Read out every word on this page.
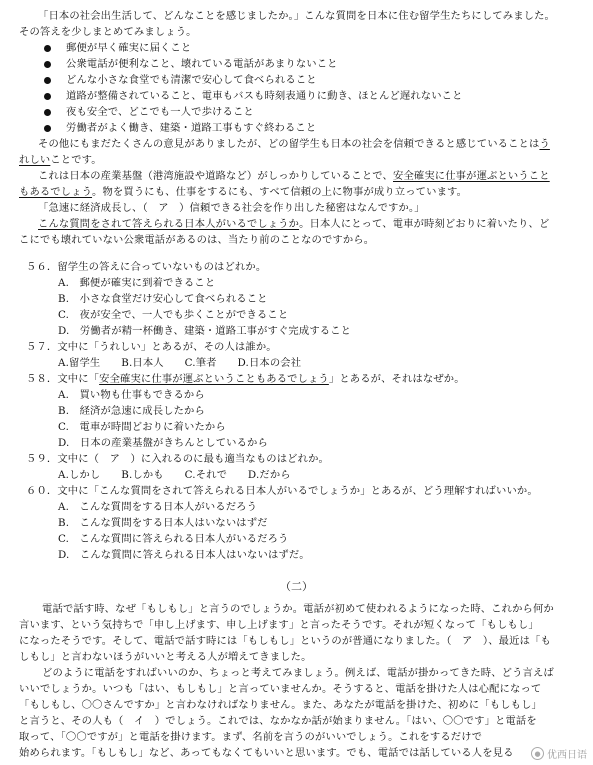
「日本の社会出生活して、どんなことを感じましたか。」こんな質問を日本に住む留学生たちにしてみました。
その答えを少しまとめてみましょう。
郵便が早く確実に届くこと
公衆電話が便利なこと、壊れている電話があまりないこと
どんな小さな食堂でも清潔で安心して食べられること
道路が整備されていること、電車もバスも時刻表通りに動き、ほとんど遅れないこと
夜も安全で、どこでも一人で歩けること
労働者がよく働き、建築・道路工事もすぐ終わること
その他にもまだたくさんの意見がありましたが、どの留学生も日本の社会を信頼できると感じていることはう
れしいことです。
これは日本の産業基盤（港湾施設や道路など）がしっかりしていることで、安全確実に仕事が運ぶということ
もあるでしょう。物を買うにも、仕事をするにも、すべて信頼の上に物事が成り立っています。
「急速に経済成長し、（　ア　）信頼できる社会を作り出した秘密はなんですか。」
こんな質問をされて答えられる日本人がいるでしょうか。日本人にとって、電車が時刻どおりに着いたり、ど
こにでも壊れていない公衆電話があるのは、当たり前のことなのですから。
５６．留学生の答えに合っていないものはどれか。
A.　郵便が確実に到着できること
B.　小さな食堂だけ安心して食べられること
C.　夜が安全で、一人でも歩くことができること
D.　労働者が精一杯働き、建築・道路工事がすぐ完成すること
５７．文中に「うれしい」とあるが、その人は誰か。
A.留学生　　B.日本人　　C.筆者　　D.日本の会社
５８．文中に「安全確実に仕事が運ぶということもあるでしょう」とあるが、それはなぜか。
A.　買い物も仕事もできるから
B.　経済が急速に成長したから
C.　電車が時間どおりに着いたから
D.　日本の産業基盤がきちんとしているから
５９．文中に（　ア　）に入れるのに最も適当なものはどれか。
A.しかし　　B.しかも　　C.それで　　D.だから
６０．文中に「こんな質問をされて答えられる日本人がいるでしょうか」とあるが、どう理解すればいいか。
A.　こんな質問をする日本人がいるだろう
B.　こんな質問をする日本人はいないはずだ
C.　こんな質問に答えられる日本人がいるだろう
D.　こんな質問に答えられる日本人はいないはずだ。
（二）
電話で話す時、なぜ「もしもし」と言うのでしょうか。電話が初めて使われるようになった時、これから何か
言います、という気持ちで「申し上げます、申し上げます」と言ったそうです。それが短くなって「もしもし」
になったそうです。そして、電話で話す時には「もしもし」というのが普通になりました。（　ア　）、最近は「も
しもし」と言わないほうがいいと考える人が増えてきました。
どのように電話をすればいいのか、ちょっと考えてみましょう。例えば、電話が掛かってきた時、どう言えば
いいでしょうか。いつも「はい、もしもし」と言っていませんか。そうすると、電話を掛けた人は心配になって
「もしもし、〇〇さんですか」と言わなければなりません。また、あなたが電話を掛けた、初めに「もしもし」
と言うと、その人も（　イ　）でしょう。これでは、なかなか話が始まりません。「はい、〇〇です」と電話を
取って、「〇〇ですが」と電話を掛けます。まず、名前を言うのがいいでしょう。これをするだけで
始められます。「もしもし」など、あってもなくてもいいと思います。でも、電話では話している人を見る	● 优西日语
